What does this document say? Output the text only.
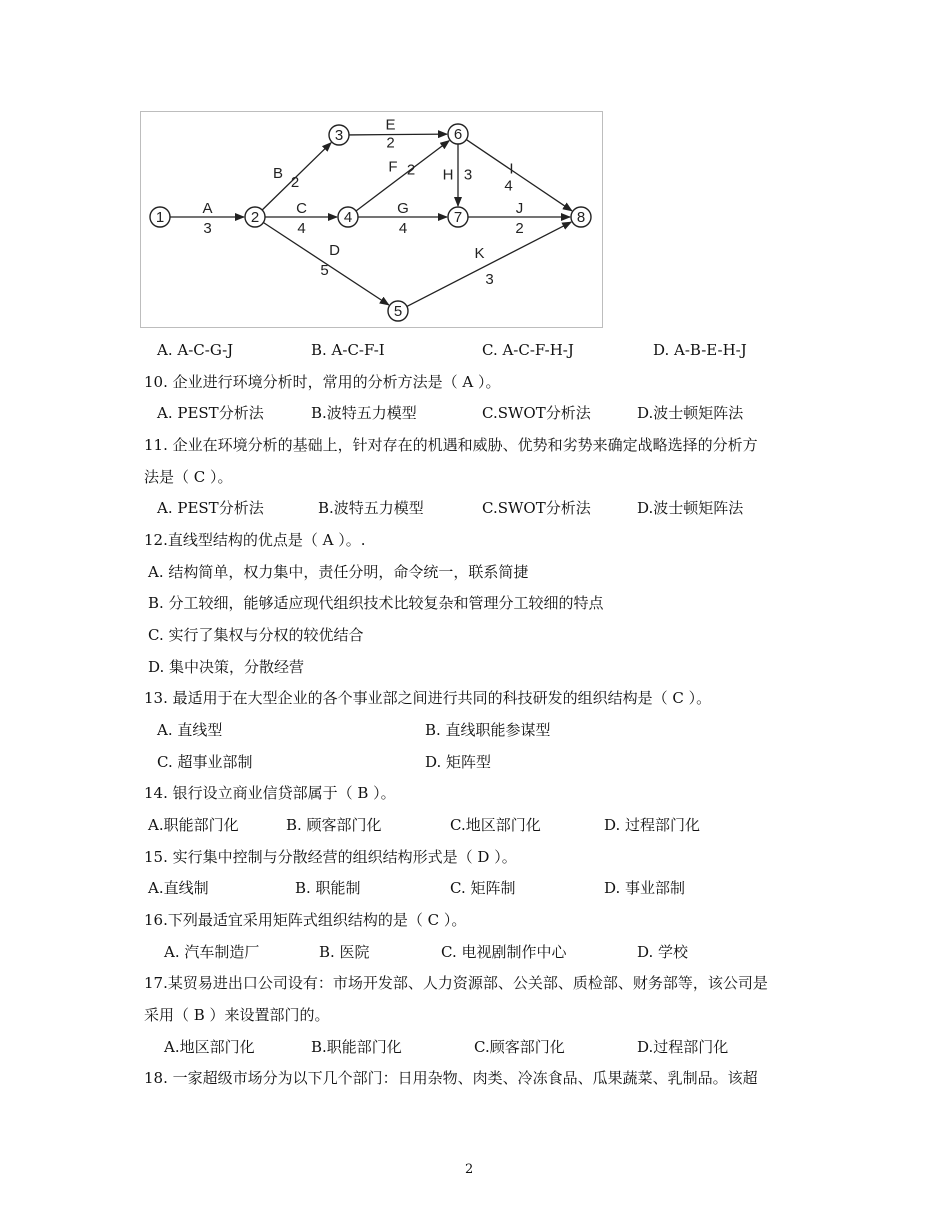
A
3
B
2
C
4
D
5
E
2
F 2
G
4
H 3 I
4
J
2
K
3
1	2
3
4
5
6
7	8
A. A-C-G-J	B. A-C-F-I	C. A-C-F-H-J	D. A-B-E-H-J
10. 企业进行环境分析时，常用的分析方法是（ A ）。
A. PEST分析法	B.波特五力模型	C.SWOT分析法	D.波士顿矩阵法
11. 企业在环境分析的基础上，针对存在的机遇和威胁、优势和劣势来确定战略选择的分析方
法是（ C ）。
A. PEST分析法	B.波特五力模型	C.SWOT分析法	D.波士顿矩阵法
12.直线型结构的优点是（ A ）。.
A. 结构简单，权力集中，责任分明，命令统一，联系简捷
B. 分工较细，能够适应现代组织技术比较复杂和管理分工较细的特点
C. 实行了集权与分权的较优结合
D. 集中决策，分散经营
13. 最适用于在大型企业的各个事业部之间进行共同的科技研发的组织结构是（ C ）。
A. 直线型	B. 直线职能参谋型
C. 超事业部制	D. 矩阵型
14. 银行设立商业信贷部属于（ B ）。
A.职能部门化	B. 顾客部门化	C.地区部门化	D. 过程部门化
15. 实行集中控制与分散经营的组织结构形式是（ D ）。
A.直线制	B. 职能制	C. 矩阵制	D. 事业部制
16.下列最适宜采用矩阵式组织结构的是（ C ）。
A. 汽车制造厂	B. 医院	C. 电视剧制作中心	D. 学校
17.某贸易进出口公司设有：市场开发部、人力资源部、公关部、质检部、财务部等，该公司是
采用（ B ）来设置部门的。
A.地区部门化	B.职能部门化	C.顾客部门化	D.过程部门化
18. 一家超级市场分为以下几个部门：日用杂物、肉类、冷冻食品、瓜果蔬菜、乳制品。该超
2
